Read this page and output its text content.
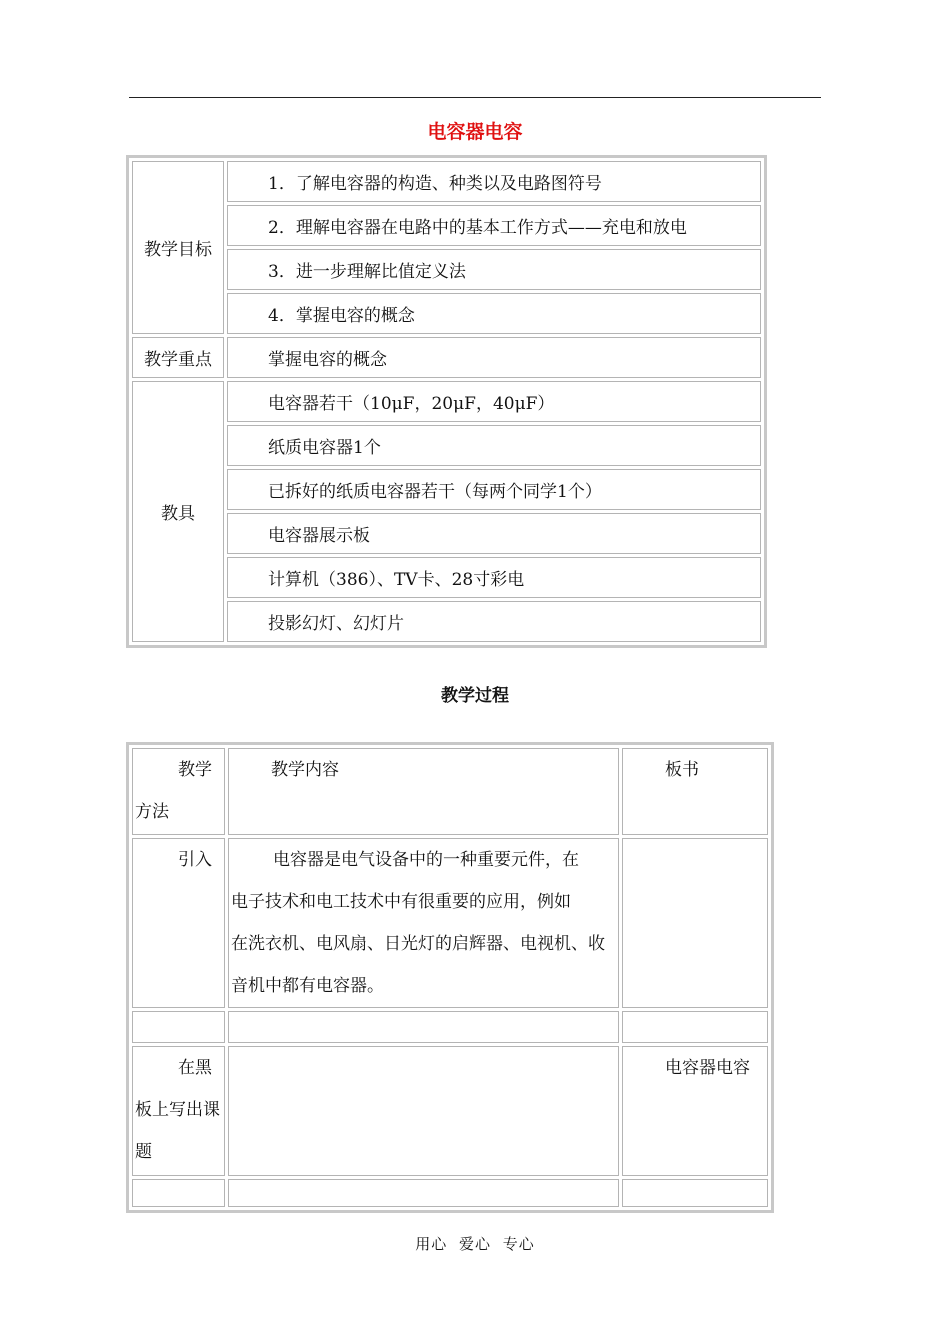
电容器电容
教学目标	1．了解电容器的构造、种类以及电路图符号
	2．理解电容器在电路中的基本工作方式——充电和放电
	3．进一步理解比值定义法
	4．掌握电容的概念
教学重点	掌握电容的概念
教具	电容器若干（10μF，20μF，40μF）
	纸质电容器1个
	已拆好的纸质电容器若干（每两个同学1个）
	电容器展示板
	计算机（386）、TV卡、28寸彩电
	投影幻灯、幻灯片
教学过程
教学
方法	教学内容	板书

引入	电容器是电气设备中的一种重要元件，在
电子技术和电工技术中有很重要的应用，例如
在洗衣机、电风扇、日光灯的启辉器、电视机、收
音机中都有电容器。	

在黑
板上写出课
题		电容器电容

用心 爱心 专心
